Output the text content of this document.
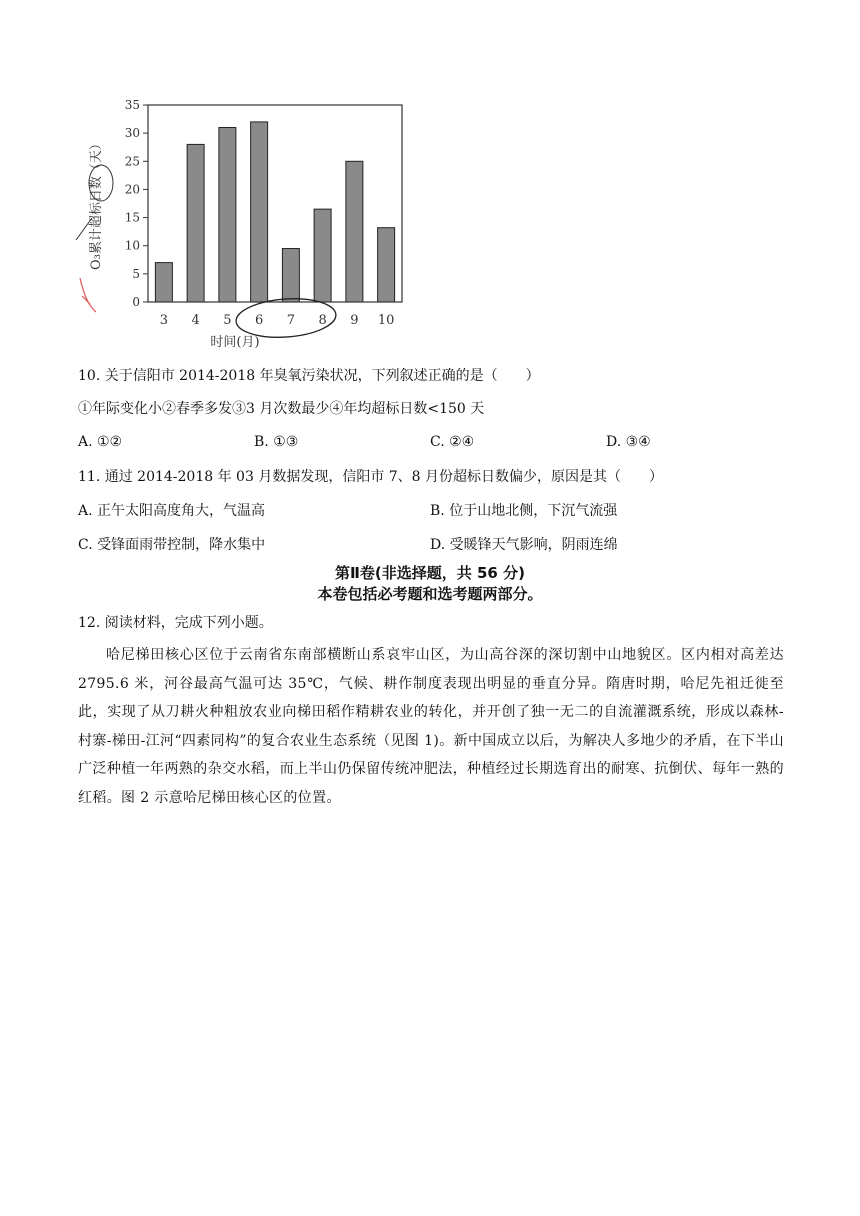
0
5
10
15
20
25
30
35
3 4 5 6 7 8 9 10
O₃累计超标日数（天）
时间(月)
10. 关于信阳市 2014-2018 年臭氧污染状况，下列叙述正确的是（　　）
①年际变化小②春季多发③3 月次数最少④年均超标日数<150 天
A. ①②	B. ①③	C. ②④	D. ③④
11. 通过 2014-2018 年 03 月数据发现，信阳市 7、8 月份超标日数偏少，原因是其（　　）
A. 正午太阳高度角大，气温高	B. 位于山地北侧，下沉气流强
C. 受锋面雨带控制，降水集中	D. 受暖锋天气影响，阴雨连绵
第Ⅱ卷(非选择题，共 56 分)
本卷包括必考题和选考题两部分。
12. 阅读材料，完成下列小题。
哈尼梯田核心区位于云南省东南部横断山系哀牢山区，为山高谷深的深切割中山地貌区。区内相对高差达 2795.6 米，河谷最高气温可达 35℃，气候、耕作制度表现出明显的垂直分异。隋唐时期，哈尼先祖迁徙至此，实现了从刀耕火种粗放农业向梯田稻作精耕农业的转化，并开创了独一无二的自流灌溉系统，形成以森林-村寨-梯田-江河“四素同构”的复合农业生态系统（见图 1)。新中国成立以后，为解决人多地少的矛盾，在下半山广泛种植一年两熟的杂交水稻，而上半山仍保留传统冲肥法，种植经过长期选育出的耐寒、抗倒伏、每年一熟的红稻。图 2 示意哈尼梯田核心区的位置。
